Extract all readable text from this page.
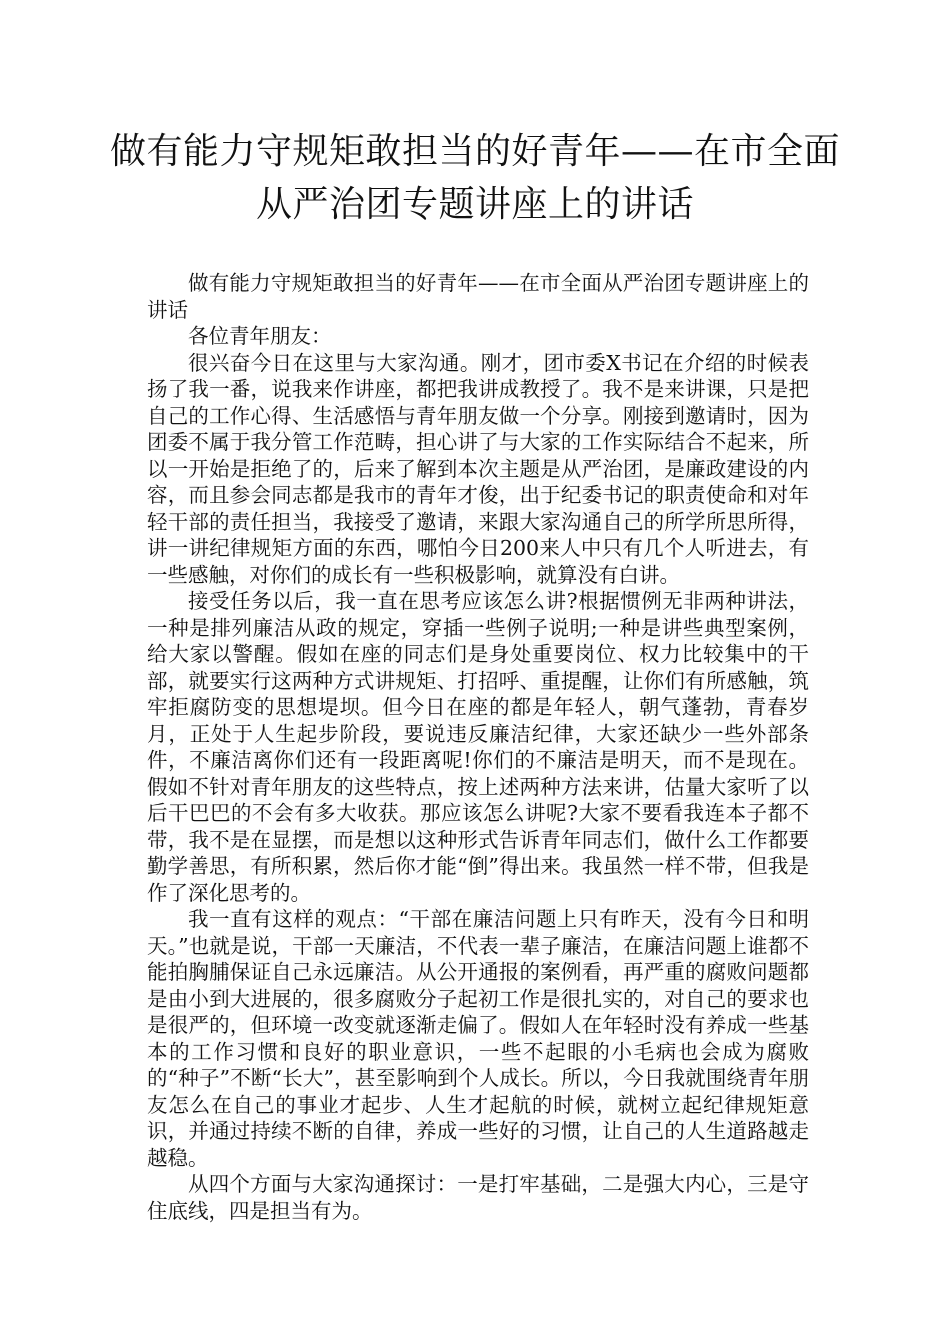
做有能力守规矩敢担当的好青年——在市全面从严治团专题讲座上的讲话

做有能力守规矩敢担当的好青年——在市全面从严治团专题讲座上的讲话

各位青年朋友：

很兴奋今日在这里与大家沟通。刚才，团市委X书记在介绍的时候表扬了我一番，说我来作讲座，都把我讲成教授了。我不是来讲课，只是把自己的工作心得、生活感悟与青年朋友做一个分享。刚接到邀请时，因为团委不属于我分管工作范畴，担心讲了与大家的工作实际结合不起来，所以一开始是拒绝了的，后来了解到本次主题是从严治团，是廉政建设的内容，而且参会同志都是我市的青年才俊，出于纪委书记的职责使命和对年轻干部的责任担当，我接受了邀请，来跟大家沟通自己的所学所思所得，讲一讲纪律规矩方面的东西，哪怕今日200来人中只有几个人听进去，有一些感触，对你们的成长有一些积极影响，就算没有白讲。

接受任务以后，我一直在思考应该怎么讲?根据惯例无非两种讲法，一种是排列廉洁从政的规定，穿插一些例子说明;一种是讲些典型案例，给大家以警醒。假如在座的同志们是身处重要岗位、权力比较集中的干部，就要实行这两种方式讲规矩、打招呼、重提醒，让你们有所感触，筑牢拒腐防变的思想堤坝。但今日在座的都是年轻人，朝气蓬勃，青春岁月，正处于人生起步阶段，要说违反廉洁纪律，大家还缺少一些外部条件，不廉洁离你们还有一段距离呢!你们的不廉洁是明天，而不是现在。假如不针对青年朋友的这些特点，按上述两种方法来讲，估量大家听了以后干巴巴的不会有多大收获。那应该怎么讲呢?大家不要看我连本子都不带，我不是在显摆，而是想以这种形式告诉青年同志们，做什么工作都要勤学善思，有所积累，然后你才能“倒”得出来。我虽然一样不带，但我是作了深化思考的。

我一直有这样的观点：“干部在廉洁问题上只有昨天，没有今日和明天。”也就是说，干部一天廉洁，不代表一辈子廉洁，在廉洁问题上谁都不能拍胸脯保证自己永远廉洁。从公开通报的案例看，再严重的腐败问题都是由小到大进展的，很多腐败分子起初工作是很扎实的，对自己的要求也是很严的，但环境一改变就逐渐走偏了。假如人在年轻时没有养成一些基本的工作习惯和良好的职业意识，一些不起眼的小毛病也会成为腐败的“种子”不断“长大”，甚至影响到个人成长。所以，今日我就围绕青年朋友怎么在自己的事业才起步、人生才起航的时候，就树立起纪律规矩意识，并通过持续不断的自律，养成一些好的习惯，让自己的人生道路越走越稳。

从四个方面与大家沟通探讨：一是打牢基础，二是强大内心，三是守住底线，四是担当有为。
